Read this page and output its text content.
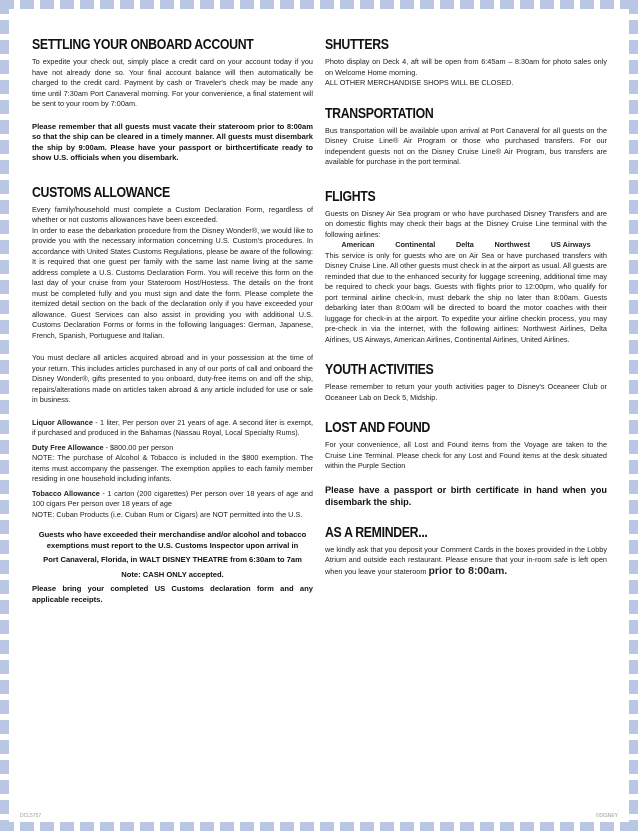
SETTLING YOUR ONBOARD ACCOUNT

To expedite your check out, simply place a credit card on your account today if you have not already done so. Your final account balance will then automatically be charged to the credit card. Payment by cash or Traveler's check may be made any time until 7:30am Port Canaveral morning. For your convenience, a final statement will be sent to your room by 7:00am.

Please remember that all guests must vacate their stateroom prior to 8:00am so that the ship can be cleared in a timely manner. All guests must disembark the ship by 9:00am. Please have your passport or birthcertificate ready to show U.S. officials when you disembark.

CUSTOMS ALLOWANCE

Every family/household must complete a Custom Declaration Form, regardless of whether or not customs allowances have been exceeded.

In order to ease the debarkation procedure from the Disney Wonder®, we would like to provide you with the necessary information concerning U.S. Custom's procedures. In accordance with United States Customs Regulations, please be aware of the following: It is required that one guest per family with the same last name living at the same address complete a U.S. Customs Declaration Form. You will receive this form on the last day of your cruise from your Stateroom Host/Hostess. The details on the front must be completed fully and you must sign and date the form. Please complete the itemized detail section on the back of the declaration only if you have exceeded your allowance. Guest Services can also assist in providing you with additional U.S. Customs Declaration Forms or forms in the following languages: German, Japanese, French, Spanish, Portuguese and Italian.

You must declare all articles acquired abroad and in your possession at the time of your return. This includes articles purchased in any of our ports of call and onboard the Disney Wonder®, gifts presented to you onboard, duty-free items on and off the ship, repairs/alterations made on articles taken abroad & any article included for use or sale in business.

Liquor Allowance - 1 liter, Per person over 21 years of age. A second liter is exempt, if purchased and produced in the Bahamas (Nassau Royal, Local Specialty Rums).

Duty Free Allowance - $800.00 per person

NOTE: The purchase of Alcohol & Tobacco is included in the $800 exemption. The items must accompany the passenger. The exemption applies to each family member residing in one household including infants.

Tobacco Allowance - 1 carton (200 cigarettes) Per person over 18 years of age and 100 cigars Per person over 18 years of age

NOTE: Cuban Products (i.e. Cuban Rum or Cigars) are NOT permitted into the U.S.

Guests who have exceeded their merchandise and/or alcohol and tobacco exemptions must report to the U.S. Customs Inspector upon arrival in

Port Canaveral, Florida, in WALT DISNEY THEATRE from 6:30am to 7am

Note: CASH ONLY accepted.

Please bring your completed US Customs declaration form and any applicable receipts.

SHUTTERS

Photo display on Deck 4, aft will be open from 6:45am – 8:30am for photo sales only on Welcome Home morning.

ALL OTHER MERCHANDISE SHOPS WILL BE CLOSED.

TRANSPORTATION

Bus transportation will be available upon arrival at Port Canaveral for all guests on the Disney Cruise Line® Air Program or those who purchased transfers. For our independent guests not on the Disney Cruise Line® Air Program, bus transfers are available for purchase in the port terminal.

FLIGHTS

Guests on Disney Air Sea program or who have purchased Disney Transfers and are on domestic flights may check their bags at the Disney Cruise Line terminal with the following airlines:

American	Continental	Delta	Northwest	US Airways

This service is only for guests who are on Air Sea or have purchased transfers with Disney Cruise Line. All other guests must check in at the airport as usual. All guests are reminded that due to the enhanced security for luggage screening, additional time may be required to check your bags. Guests with flights prior to 12:00pm, who qualify for port terminal airline check-in, must debark the ship no later than 8:00am. Guests debarking later than 8:00am will be directed to board the motor coaches with their luggage for check-in at the airport. To expedite your airline checkin process, you may pre-check in via the internet, with the following airlines: Northwest Airlines, Delta Airlines, US Airways, American Airlines, Continental Airlines, United Airlines.

YOUTH ACTIVITIES

Please remember to return your youth activities pager to Disney's Oceaneer Club or Oceaneer Lab on Deck 5, Midship.

LOST AND FOUND

For your convenience, all Lost and Found items from the Voyage are taken to the Cruise Line Terminal. Please check for any Lost and Found items at the desk situated within the Purple Section

Please have a passport or birth certificate in hand when you disembark the ship.

AS A REMINDER...

we kindly ask that you deposit your Comment Cards in the boxes provided in the Lobby Atrium and outside each restaurant. Please ensure that your in-room safe is left open when you leave your stateroom prior to 8:00am.

DCL5757	©DISNEY
